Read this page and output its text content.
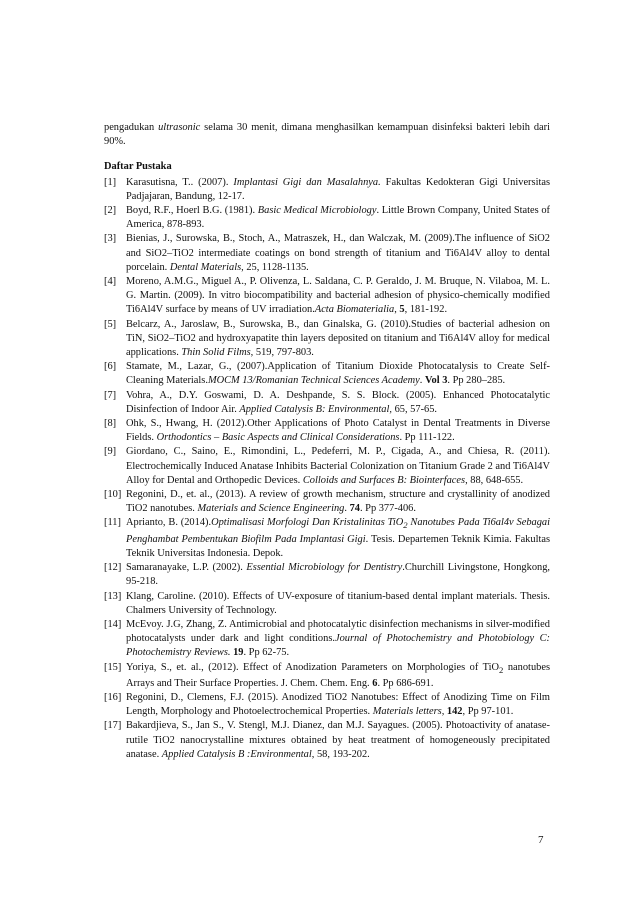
pengadukan ultrasonic selama 30 menit, dimana menghasilkan kemampuan disinfeksi bakteri lebih dari 90%.

Daftar Pustaka
[1] Karasutisna, T.. (2007). Implantasi Gigi dan Masalahnya. Fakultas Kedokteran Gigi Universitas Padjajaran, Bandung, 12-17.
[2] Boyd, R.F., Hoerl B.G. (1981). Basic Medical Microbiology. Little Brown Company, United States of America, 878-893.
[3] Bienias, J., Surowska, B., Stoch, A., Matraszek, H., dan Walczak, M. (2009).The influence of SiO2 and SiO2–TiO2 intermediate coatings on bond strength of titanium and Ti6Al4V alloy to dental porcelain. Dental Materials, 25, 1128-1135.
[4] Moreno, A.M.G., Miguel A., P. Olivenza, L. Saldana, C. P. Geraldo, J. M. Bruque, N. Vilaboa, M. L. G. Martin. (2009). In vitro biocompatibility and bacterial adhesion of physico-chemically modified Ti6Al4V surface by means of UV irradiation.Acta Biomaterialia, 5, 181-192.
[5] Belcarz, A., Jaroslaw, B., Surowska, B., dan Ginalska, G. (2010).Studies of bacterial adhesion on TiN, SiO2–TiO2 and hydroxyapatite thin layers deposited on titanium and Ti6Al4V alloy for medical applications. Thin Solid Films, 519, 797-803.
[6] Stamate, M., Lazar, G., (2007).Application of Titanium Dioxide Photocatalysis to Create Self-Cleaning Materials.MOCM 13/Romanian Technical Sciences Academy. Vol 3. Pp 280–285.
[7] Vohra, A., D.Y. Goswami, D. A. Deshpande, S. S. Block. (2005). Enhanced Photocatalytic Disinfection of Indoor Air. Applied Catalysis B: Environmental, 65, 57-65.
[8] Ohk, S., Hwang, H. (2012).Other Applications of Photo Catalyst in Dental Treatments in Diverse Fields. Orthodontics – Basic Aspects and Clinical Considerations. Pp 111-122.
[9] Giordano, C., Saino, E., Rimondini, L., Pedeferri, M. P., Cigada, A., and Chiesa, R. (2011). Electrochemically Induced Anatase Inhibits Bacterial Colonization on Titanium Grade 2 and Ti6Al4V Alloy for Dental and Orthopedic Devices. Colloids and Surfaces B: Biointerfaces, 88, 648-655.
[10] Regonini, D., et. al., (2013). A review of growth mechanism, structure and crystallinity of anodized TiO2 nanotubes. Materials and Science Engineering. 74. Pp 377-406.
[11] Aprianto, B. (2014).Optimalisasi Morfologi Dan Kristalinitas TiO$_2$ Nanotubes Pada Ti6al4v Sebagai Penghambat Pembentukan Biofilm Pada Implantasi Gigi. Tesis. Departemen Teknik Kimia. Fakultas Teknik Universitas Indonesia. Depok.
[12] Samaranayake, L.P. (2002). Essential Microbiology for Dentistry.Churchill Livingstone, Hongkong, 95-218.
[13] Klang, Caroline. (2010). Effects of UV-exposure of titanium-based dental implant materials. Thesis. Chalmers University of Technology.
[14] McEvoy. J.G, Zhang, Z. Antimicrobial and photocatalytic disinfection mechanisms in silver-modified photocatalysts under dark and light conditions.Journal of Photochemistry and Photobiology C: Photochemistry Reviews. 19. Pp 62-75.
[15] Yoriya, S., et. al., (2012). Effect of Anodization Parameters on Morphologies of TiO$_2$ nanotubes Arrays and Their Surface Properties. J. Chem. Chem. Eng. 6. Pp 686-691.
[16] Regonini, D., Clemens, F.J. (2015). Anodized TiO2 Nanotubes: Effect of Anodizing Time on Film Length, Morphology and Photoelectrochemical Properties. Materials letters, 142, Pp 97-101.
[17] Bakardjieva, S., Jan S., V. Stengl, M.J. Dianez, dan M.J. Sayagues. (2005). Photoactivity of anatase-rutile TiO2 nanocrystalline mixtures obtained by heat treatment of homogeneously precipitated anatase. Applied Catalysis B :Environmental, 58, 193-202.
7
